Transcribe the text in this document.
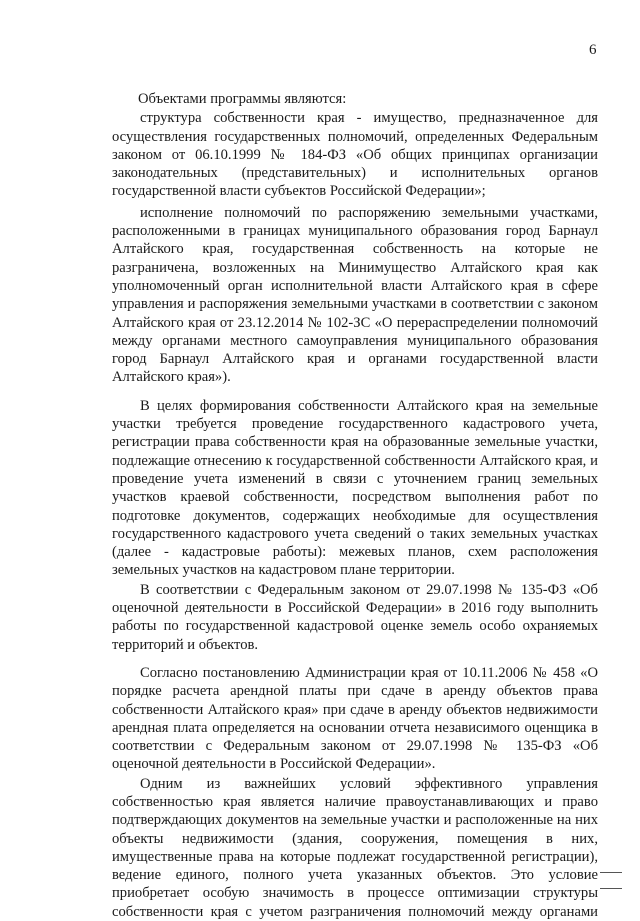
6

Объектами программы являются:

структура собственности края - имущество, предназначенное для

осуществления государственных полномочий, определенных Федеральным

законом от 06.10.1999 № 184-ФЗ «Об общих принципах организации

законодательных (представительных) и исполнительных органов

государственной власти субъектов Российской Федерации»;

исполнение полномочий по распоряжению земельными участками,

расположенными в границах муниципального образования город Барнаул

Алтайского края, государственная собственность на которые не

разграничена, возложенных на Минимущество Алтайского края как

уполномоченный орган исполнительной власти Алтайского края в сфере

управления и распоряжения земельными участками в соответствии с законом

Алтайского края от 23.12.2014 № 102-ЗС «О перераспределении полномочий

между органами местного самоуправления муниципального образования

город Барнаул Алтайского края и органами государственной власти

Алтайского края»).

В целях формирования собственности Алтайского края на земельные

участки требуется проведение государственного кадастрового учета,

регистрации права собственности края на образованные земельные участки,

подлежащие отнесению к государственной собственности Алтайского края, и

проведение учета изменений в связи с уточнением границ земельных

участков краевой собственности, посредством выполнения работ по

подготовке документов, содержащих необходимые для осуществления

государственного кадастрового учета сведений о таких земельных участках

(далее - кадастровые работы): межевых планов, схем расположения

земельных участков на кадастровом плане территории.

В соответствии с Федеральным законом от 29.07.1998 № 135-ФЗ «Об

оценочной деятельности в Российской Федерации» в 2016 году выполнить

работы по государственной кадастровой оценке земель особо охраняемых

территорий и объектов.

Согласно постановлению Администрации края от 10.11.2006 № 458 «О

порядке расчета арендной платы при сдаче в аренду объектов права

собственности Алтайского края» при сдаче в аренду объектов недвижимости

арендная плата определяется на основании отчета независимого оценщика в

соответствии с Федеральным законом от 29.07.1998 № 135-ФЗ «Об

оценочной деятельности в Российской Федерации».

Одним из важнейших условий эффективного управления

собственностью края является наличие правоустанавливающих и право

подтверждающих документов на земельные участки и расположенные на них

объекты недвижимости (здания, сооружения, помещения в них,

имущественные права на которые подлежат государственной регистрации),

ведение единого, полного учета указанных объектов. Это условие

приобретает особую значимость в процессе оптимизации структуры

собственности края с учетом разграничения полномочий между органами
